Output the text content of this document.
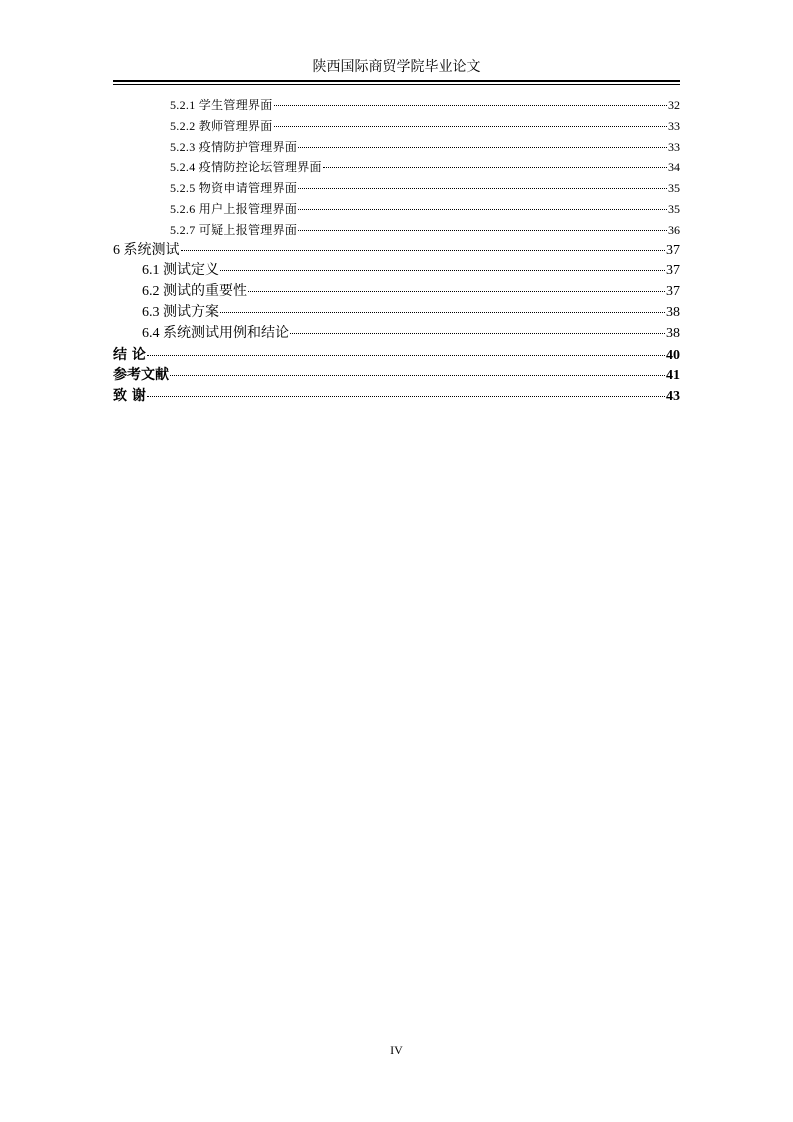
陕西国际商贸学院毕业论文
5.2.1 学生管理界面	32
5.2.2 教师管理界面	33
5.2.3 疫情防护管理界面	33
5.2.4 疫情防控论坛管理界面	34
5.2.5 物资申请管理界面	35
5.2.6 用户上报管理界面	35
5.2.7 可疑上报管理界面	36
6 系统测试	37
6.1 测试定义	37
6.2 测试的重要性	37
6.3 测试方案	38
6.4 系统测试用例和结论	38
结 论	40
参考文献	41
致 谢	43
IV
